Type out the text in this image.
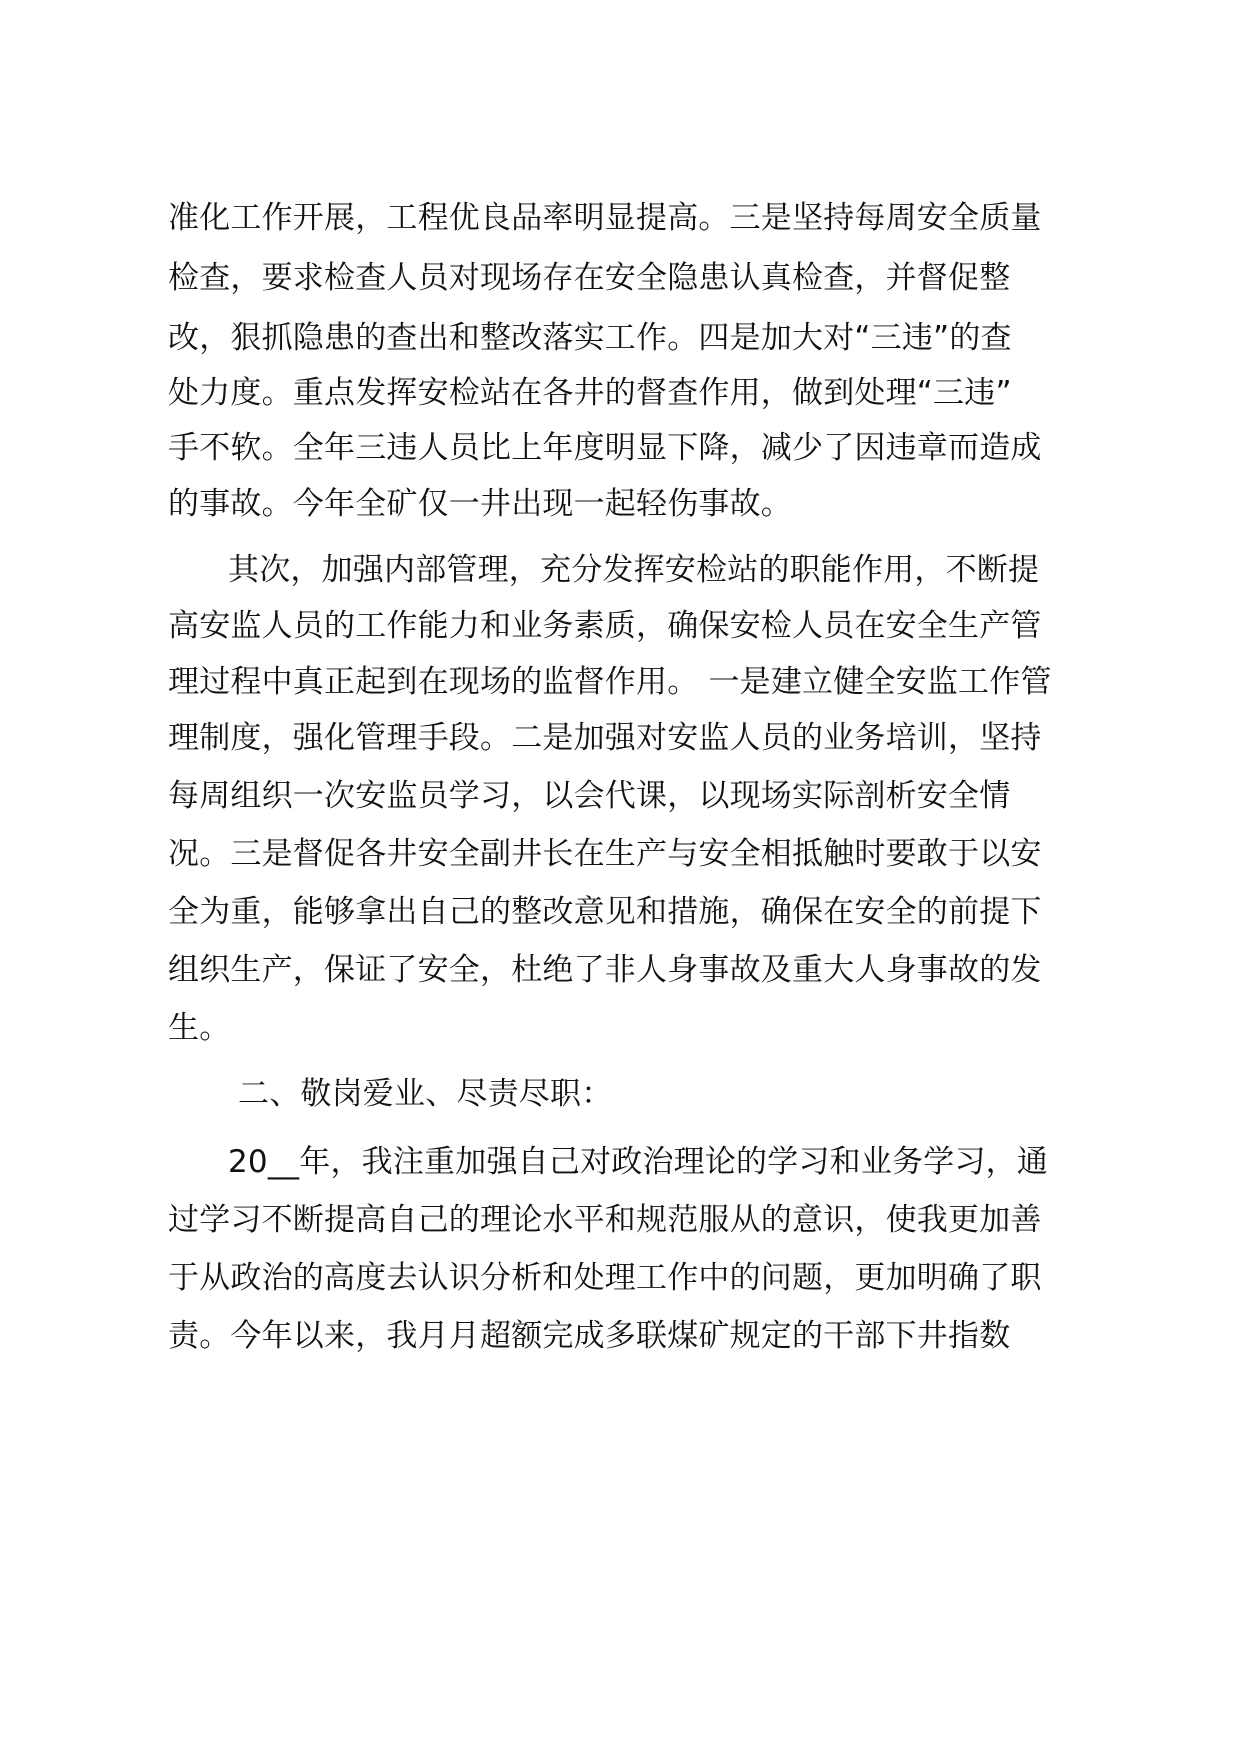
准化工作开展，工程优良品率明显提高。三是坚持每周安全质量
检查，要求检查人员对现场存在安全隐患认真检查，并督促整
改，狠抓隐患的查出和整改落实工作。四是加大对“三违”的查
处力度。重点发挥安检站在各井的督查作用，做到处理“三违”
手不软。全年三违人员比上年度明显下降，减少了因违章而造成
的事故。今年全矿仅一井出现一起轻伤事故。
其次，加强内部管理，充分发挥安检站的职能作用，不断提
高安监人员的工作能力和业务素质，确保安检人员在安全生产管
理过程中真正起到在现场的监督作用。 一是建立健全安监工作管
理制度，强化管理手段。二是加强对安监人员的业务培训，坚持
每周组织一次安监员学习，以会代课，以现场实际剖析安全情
况。三是督促各井安全副井长在生产与安全相抵触时要敢于以安
全为重，能够拿出自己的整改意见和措施，确保在安全的前提下
组织生产，保证了安全，杜绝了非人身事故及重大人身事故的发
生。
二、敬岗爱业、尽责尽职：
20__年，我注重加强自己对政治理论的学习和业务学习，通
过学习不断提高自己的理论水平和规范服从的意识，使我更加善
于从政治的高度去认识分析和处理工作中的问题，更加明确了职
责。今年以来，我月月超额完成多联煤矿规定的干部下井指数
